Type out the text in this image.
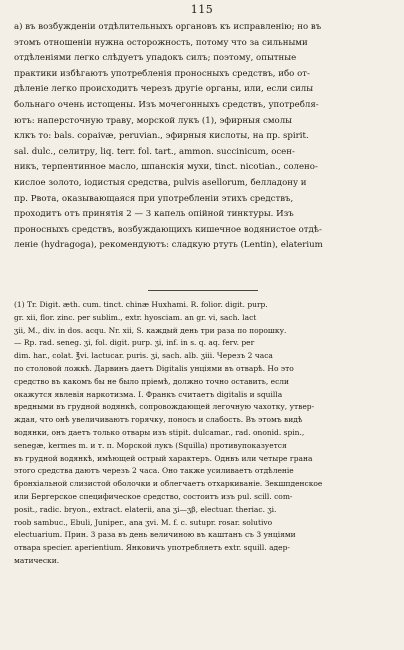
115
а) въ возбужденіи отдѣлительныхъ органовъ къ исправленію; но въ
этомъ отношеніи нужна осторожность, потому что за сильными
отдѣленіями легко слѣдуетъ упадокъ силъ; поэтому, опытные
практики избѣгаютъ употребленія проносныхъ средствъ, ибо от-
дѣленіе легко происходитъ черезъ другіе органы, или, если силы
больнаго очень истощены. Изъ мочегонныхъ средствъ, употребля-
ютъ: наперсточную траву, морской лукъ (1), эфирныя смолы
клкъ то: bals. copaivæ, peruvian., эфирныя кислоты, на пр. spirit.
sal. dulc., селитру, liq. terr. fol. tart., ammon. succinicum, осен-
никъ, терпентинное масло, шпанскія мухи, tinct. nicotian., солено-
кислое золото, іодистыя средства, pulvis asellorum, белладону и
пр. Рвота, оказывающаяся при употребленіи этихъ средствъ,
проходитъ отъ принятія 2 — 3 капель опійной тинктуры. Изъ
проносныхъ средствъ, возбуждающихъ кишечное водянистое отдѣ-
леніе (hydragoga), рекомендуютъ: сладкую ртуть (Lentin), elaterium
(1) Tr. Digit. æth. cum. tinct. chinæ Huxhami. R. folior. digit. purp.
gr. xii, flor. zinc. per sublim., extr. hyosciam. an gr. vi, sach. lact
ʒii, M., div. in dos. acqu. Nr. xii, S. каждый день три раза по порошку.
— Rp. rad. seneg. ʒi, fol. digit. purp. ʒi, inf. in s. q. aq. ferv. per
dim. har., colat. ℥vi. lactucar. puris. ʒi, sach. alb. ʒiii. Черезъ 2 часа
по столовой ложкѣ. Дарвинъ даетъ Digitalis унціями въ отварѣ. Но это
средство въ какомъ бы не было пріемѣ, должно точно оставить, если
окажутся явлевія наркотизма. І. Франкъ считаетъ digitalis и squilla
вредными въ грудной водянкѣ, сопровождающей легочную чахотку, утвер-
ждая, что онѣ увеличиваютъ горячку, поносъ и слабость. Въ этомъ видѣ
водянки, онъ даетъ только отвары изъ stipit. dulcamar., rad. ononid. spin.,
senegæ, kermes m. и т. п. Морской лукъ (Squilla) противупоказуется
въ грудной водянкѣ, имѣющей острый характеръ. Однвъ или четыре грана
этого средства даютъ черезъ 2 часа. Оно также усиливаетъ отдѣленіе
бронхіальной слизистой оболочки и облегчаетъ отхаркиваніе. Зекшпденское
или Бергерское специфическое средство, состоитъ изъ pul. scill. com-
posit., radic. bryon., extract. elaterii, ana ʒi—ʒβ, electuar. theriac. ʒi.
roob sambuc., Ebuli, Juniper., ana ʒvi. M. f. c. sutupr. rosar. solutivo
electuarium. Прин. 3 раза въ день величиною въ каштанъ съ 3 унціями
отвара specier. aperientium. Янковичъ употребляетъ extr. squill. aдер-
матически.
